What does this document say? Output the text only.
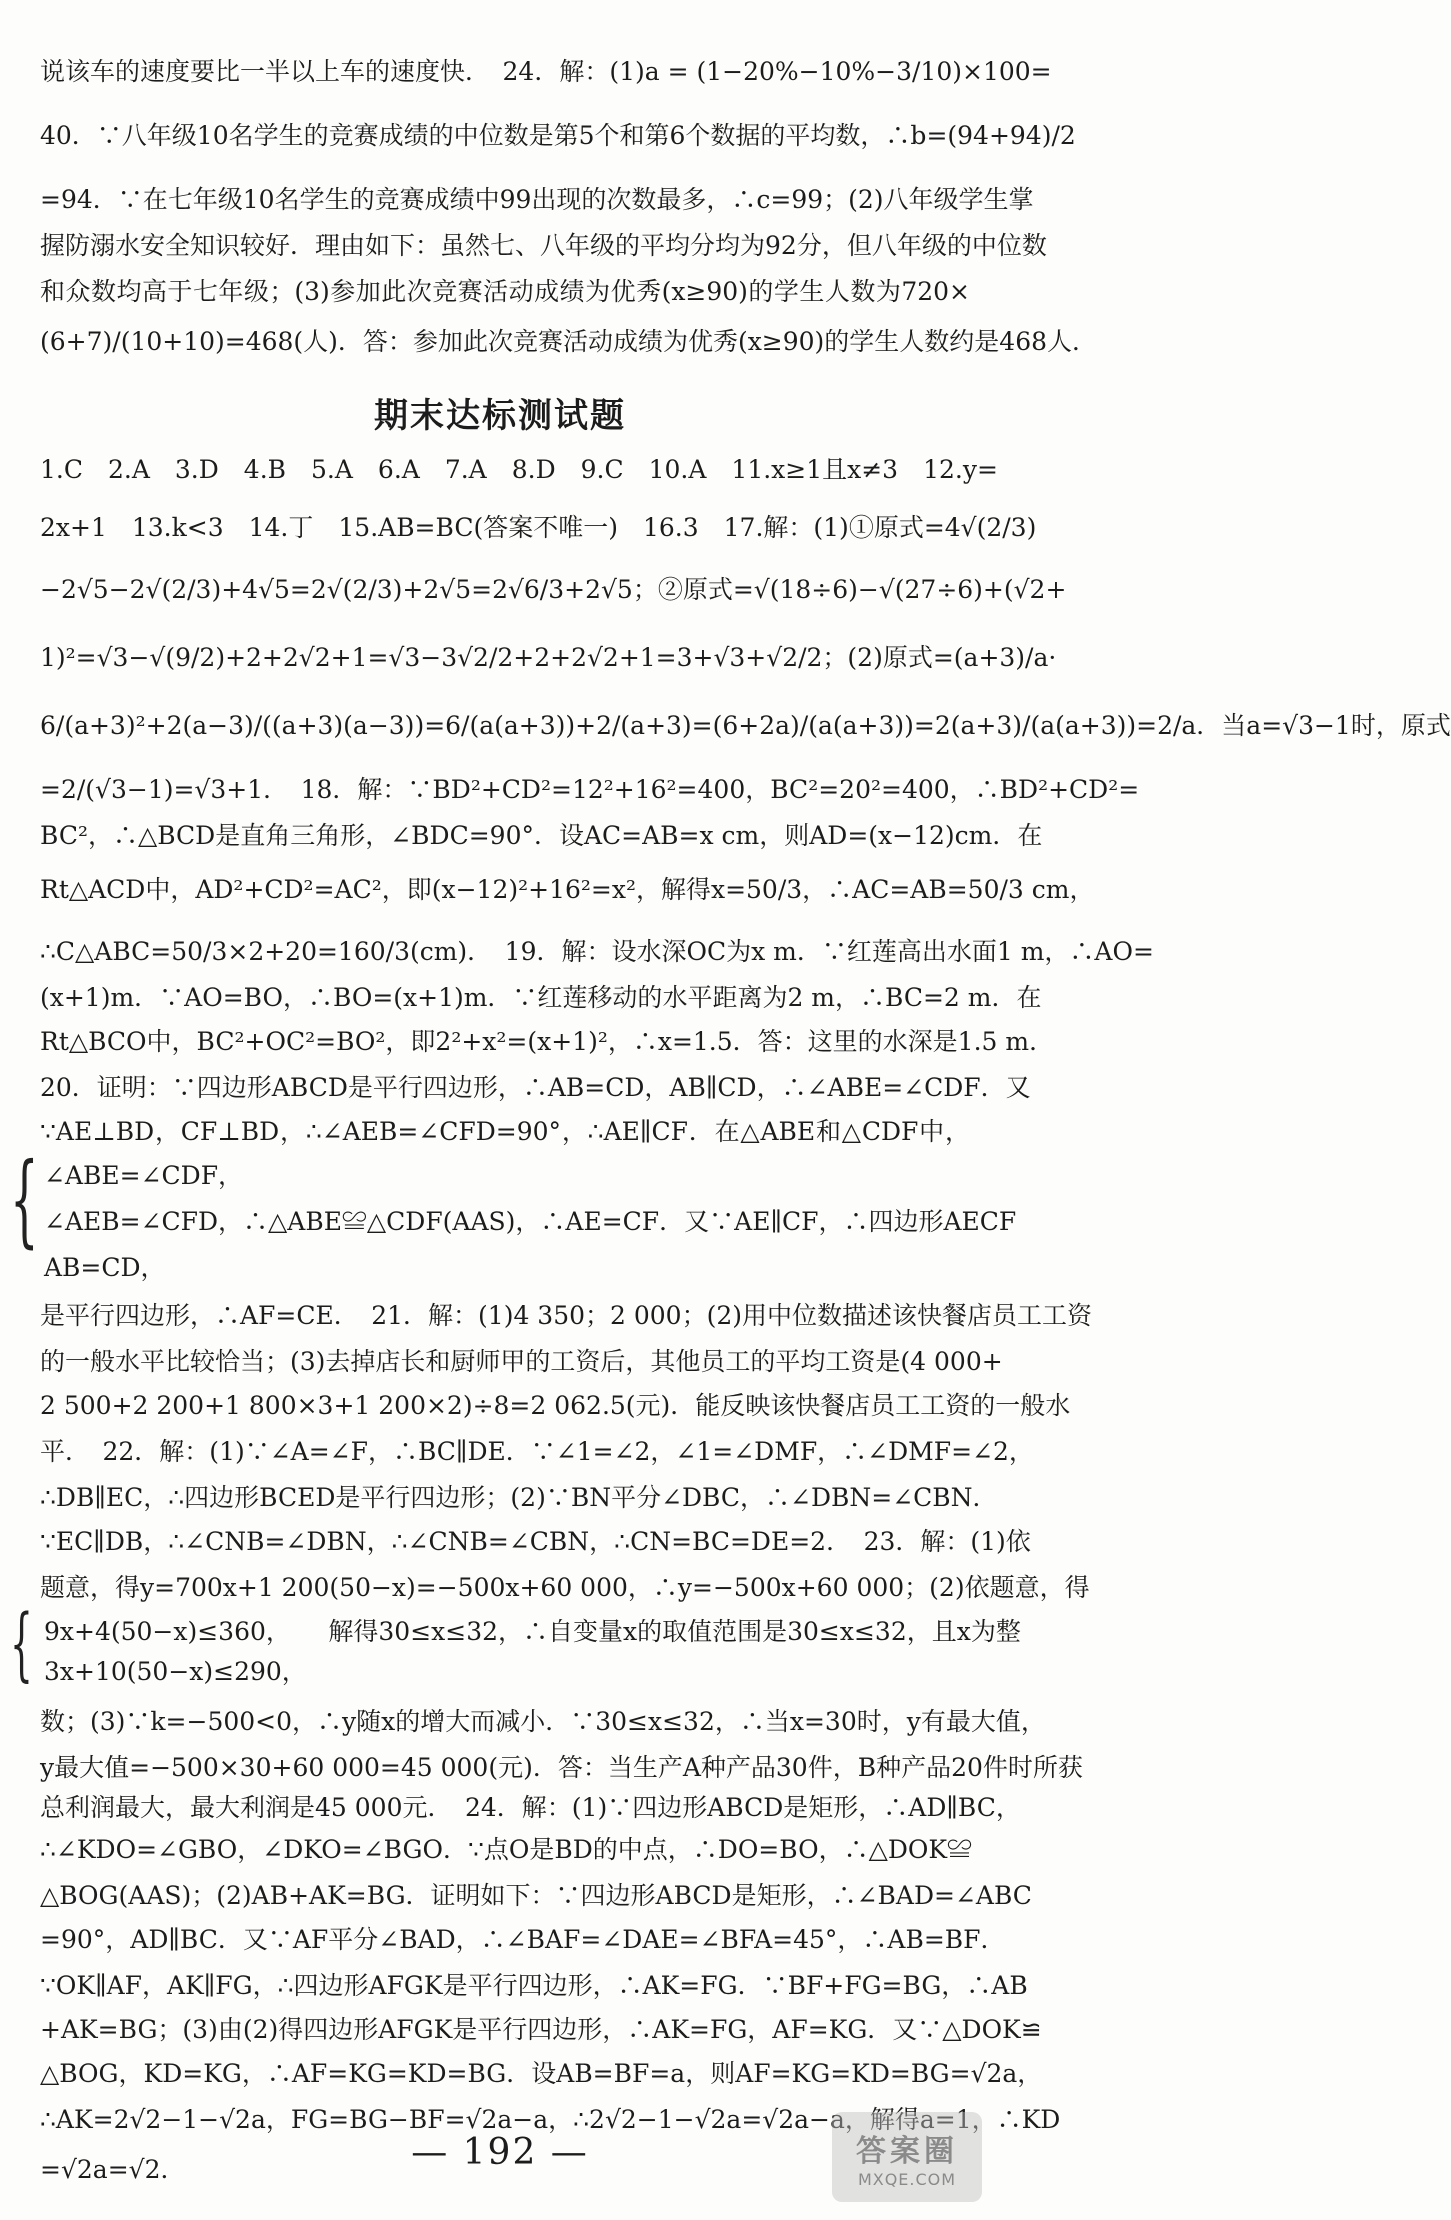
说该车的速度要比一半以上车的速度快．　24．解：(1)a = (1−20%−10%−3/10)×100=
40．∵八年级10名学生的竞赛成绩的中位数是第5个和第6个数据的平均数，∴b=(94+94)/2
=94．∵在七年级10名学生的竞赛成绩中99出现的次数最多，∴c=99；(2)八年级学生掌
握防溺水安全知识较好．理由如下：虽然七、八年级的平均分均为92分，但八年级的中位数
和众数均高于七年级；(3)参加此次竞赛活动成绩为优秀(x≥90)的学生人数为720×
(6+7)/(10+10)=468(人)．答：参加此次竞赛活动成绩为优秀(x≥90)的学生人数约是468人．
期末达标测试题
1.C　2.A　3.D　4.B　5.A　6.A　7.A　8.D　9.C　10.A　11.x≥1且x≠3　12.y=
2x+1　13.k<3　14.丁　15.AB=BC(答案不唯一)　16.3　17.解：(1)①原式=4√(2/3)
−2√5−2√(2/3)+4√5=2√(2/3)+2√5=2√6/3+2√5；②原式=√(18÷6)−√(27÷6)+(√2+
1)²=√3−√(9/2)+2+2√2+1=√3−3√2/2+2+2√2+1=3+√3+√2/2；(2)原式=(a+3)/a·
6/(a+3)²+2(a−3)/((a+3)(a−3))=6/(a(a+3))+2/(a+3)=(6+2a)/(a(a+3))=2(a+3)/(a(a+3))=2/a．当a=√3−1时，原式
=2/(√3−1)=√3+1．　18．解：∵BD²+CD²=12²+16²=400，BC²=20²=400，∴BD²+CD²=
BC²，∴△BCD是直角三角形，∠BDC=90°．设AC=AB=x cm，则AD=(x−12)cm．在
Rt△ACD中，AD²+CD²=AC²，即(x−12)²+16²=x²，解得x=50/3，∴AC=AB=50/3 cm，
∴C△ABC=50/3×2+20=160/3(cm)．　19．解：设水深OC为x m．∵红莲高出水面1 m，∴AO=
(x+1)m．∵AO=BO，∴BO=(x+1)m．∵红莲移动的水平距离为2 m，∴BC=2 m．在
Rt△BCO中，BC²+OC²=BO²，即2²+x²=(x+1)²，∴x=1.5．答：这里的水深是1.5 m．
20．证明：∵四边形ABCD是平行四边形，∴AB=CD，AB∥CD，∴∠ABE=∠CDF．又
∵AE⊥BD，CF⊥BD，∴∠AEB=∠CFD=90°，∴AE∥CF．在△ABE和△CDF中，
{ ∠ABE=∠CDF，
∠AEB=∠CFD，∴△ABE≌△CDF(AAS)，∴AE=CF．又∵AE∥CF，∴四边形AECF
AB=CD，
是平行四边形，∴AF=CE．　21．解：(1)4 350；2 000；(2)用中位数描述该快餐店员工工资
的一般水平比较恰当；(3)去掉店长和厨师甲的工资后，其他员工的平均工资是(4 000+
2 500+2 200+1 800×3+1 200×2)÷8=2 062.5(元)．能反映该快餐店员工工资的一般水
平．　22．解：(1)∵∠A=∠F，∴BC∥DE．∵∠1=∠2，∠1=∠DMF，∴∠DMF=∠2，
∴DB∥EC，∴四边形BCED是平行四边形；(2)∵BN平分∠DBC，∴∠DBN=∠CBN．
∵EC∥DB，∴∠CNB=∠DBN，∴∠CNB=∠CBN，∴CN=BC=DE=2．　23．解：(1)依
题意，得y=700x+1 200(50−x)=−500x+60 000，∴y=−500x+60 000；(2)依题意，得
{ 9x+4(50−x)≤360，　　解得30≤x≤32，∴自变量x的取值范围是30≤x≤32，且x为整
3x+10(50−x)≤290，
数；(3)∵k=−500<0，∴y随x的增大而减小．∵30≤x≤32，∴当x=30时，y有最大值，
y最大值=−500×30+60 000=45 000(元)．答：当生产A种产品30件，B种产品20件时所获
总利润最大，最大利润是45 000元．　24．解：(1)∵四边形ABCD是矩形，∴AD∥BC，
∴∠KDO=∠GBO，∠DKO=∠BGO．∵点O是BD的中点，∴DO=BO，∴△DOK≌
△BOG(AAS)；(2)AB+AK=BG．证明如下：∵四边形ABCD是矩形，∴∠BAD=∠ABC
=90°，AD∥BC．又∵AF平分∠BAD，∴∠BAF=∠DAE=∠BFA=45°，∴AB=BF．
∵OK∥AF，AK∥FG，∴四边形AFGK是平行四边形，∴AK=FG．∵BF+FG=BG，∴AB
+AK=BG；(3)由(2)得四边形AFGK是平行四边形，∴AK=FG，AF=KG．又∵△DOK≌
△BOG，KD=KG，∴AF=KG=KD=BG．设AB=BF=a，则AF=KG=KD=BG=√2a，
∴AK=2√2−1−√2a，FG=BG−BF=√2a−a，∴2√2−1−√2a=√2a−a，解得a=1，∴KD
=√2a=√2．	— 192 —	答案圈
MXQE.COM
